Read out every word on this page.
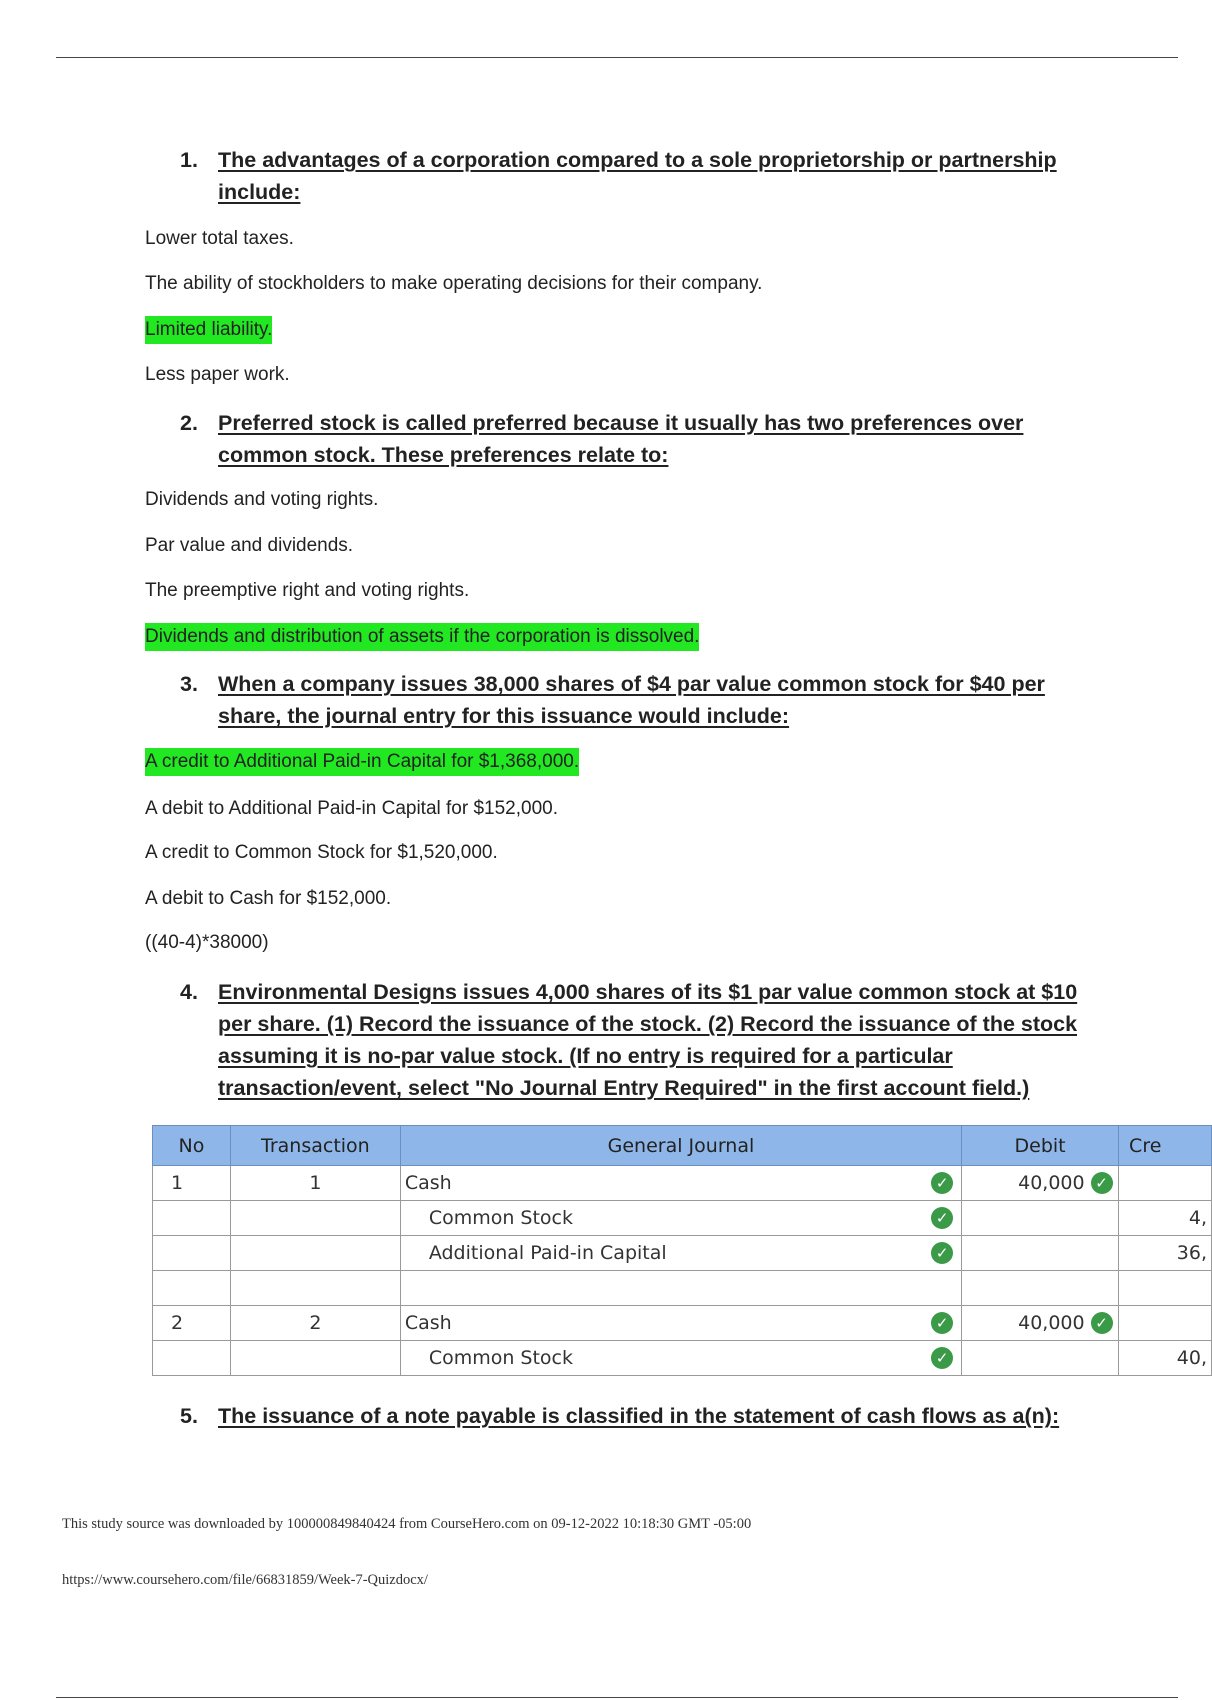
1. The advantages of a corporation compared to a sole proprietorship or partnership include:
Lower total taxes.
The ability of stockholders to make operating decisions for their company.
Limited liability.
Less paper work.
2. Preferred stock is called preferred because it usually has two preferences over common stock. These preferences relate to:
Dividends and voting rights.
Par value and dividends.
The preemptive right and voting rights.
Dividends and distribution of assets if the corporation is dissolved.
3. When a company issues 38,000 shares of $4 par value common stock for $40 per share, the journal entry for this issuance would include:
A credit to Additional Paid-in Capital for $1,368,000.
A debit to Additional Paid-in Capital for $152,000.
A credit to Common Stock for $1,520,000.
A debit to Cash for $152,000.
((40-4)*38000)
4. Environmental Designs issues 4,000 shares of its $1 par value common stock at $10 per share. (1) Record the issuance of the stock. (2) Record the issuance of the stock assuming it is no-par value stock. (If no entry is required for a particular transaction/event, select "No Journal Entry Required" in the first account field.)
No	Transaction	General Journal	Debit	Cre
1	1	Cash ✓	40,000 ✓	
		Common Stock ✓		4,
		Additional Paid-in Capital ✓		36,

2	2	Cash ✓	40,000 ✓	
		Common Stock ✓		40,
5. The issuance of a note payable is classified in the statement of cash flows as a(n):
This study source was downloaded by 100000849840424 from CourseHero.com on 09-12-2022 10:18:30 GMT -05:00
https://www.coursehero.com/file/66831859/Week-7-Quizdocx/
